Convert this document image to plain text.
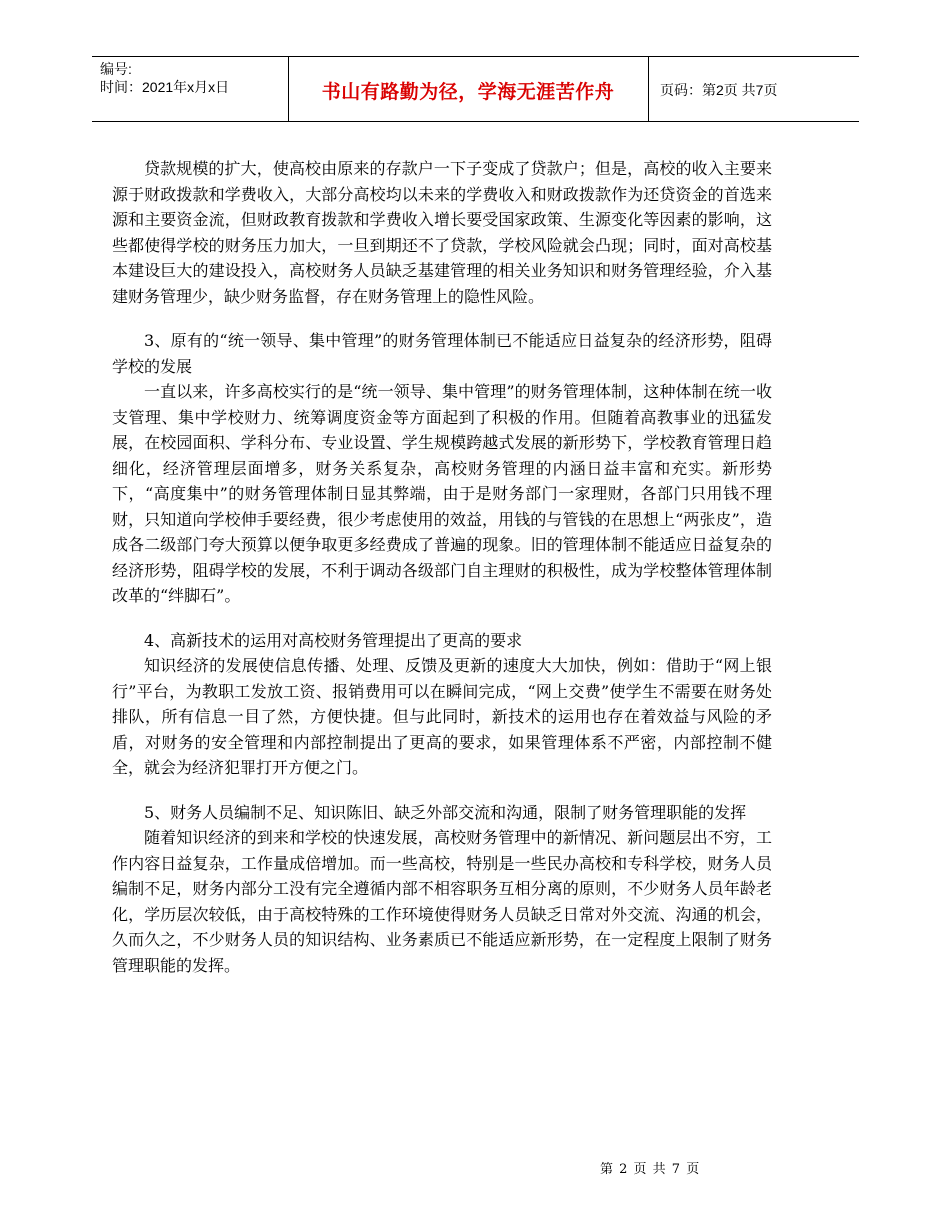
编号:
时间：2021年x月x日	书山有路勤为径，学海无涯苦作舟	页码：第2页 共7页

贷款规模的扩大，使高校由原来的存款户一下子变成了贷款户；但是，高校的收入主要来源于财政拨款和学费收入，大部分高校均以未来的学费收入和财政拨款作为还贷资金的首选来源和主要资金流，但财政教育拨款和学费收入增长要受国家政策、生源变化等因素的影响，这些都使得学校的财务压力加大，一旦到期还不了贷款，学校风险就会凸现；同时，面对高校基本建设巨大的建设投入，高校财务人员缺乏基建管理的相关业务知识和财务管理经验，介入基建财务管理少，缺少财务监督，存在财务管理上的隐性风险。

3、原有的“统一领导、集中管理”的财务管理体制已不能适应日益复杂的经济形势，阻碍学校的发展

一直以来，许多高校实行的是“统一领导、集中管理”的财务管理体制，这种体制在统一收支管理、集中学校财力、统筹调度资金等方面起到了积极的作用。但随着高教事业的迅猛发展，在校园面积、学科分布、专业设置、学生规模跨越式发展的新形势下，学校教育管理日趋细化，经济管理层面增多，财务关系复杂，高校财务管理的内涵日益丰富和充实。新形势下，“高度集中”的财务管理体制日显其弊端，由于是财务部门一家理财，各部门只用钱不理财，只知道向学校伸手要经费，很少考虑使用的效益，用钱的与管钱的在思想上“两张皮”，造成各二级部门夸大预算以便争取更多经费成了普遍的现象。旧的管理体制不能适应日益复杂的经济形势，阻碍学校的发展，不利于调动各级部门自主理财的积极性，成为学校整体管理体制改革的“绊脚石”。

4、高新技术的运用对高校财务管理提出了更高的要求

知识经济的发展使信息传播、处理、反馈及更新的速度大大加快，例如：借助于“网上银行”平台，为教职工发放工资、报销费用可以在瞬间完成，“网上交费”使学生不需要在财务处排队，所有信息一目了然，方便快捷。但与此同时，新技术的运用也存在着效益与风险的矛盾，对财务的安全管理和内部控制提出了更高的要求，如果管理体系不严密，内部控制不健全，就会为经济犯罪打开方便之门。

5、财务人员编制不足、知识陈旧、缺乏外部交流和沟通，限制了财务管理职能的发挥

随着知识经济的到来和学校的快速发展，高校财务管理中的新情况、新问题层出不穷，工作内容日益复杂，工作量成倍增加。而一些高校，特别是一些民办高校和专科学校，财务人员编制不足，财务内部分工没有完全遵循内部不相容职务互相分离的原则，不少财务人员年龄老化，学历层次较低，由于高校特殊的工作环境使得财务人员缺乏日常对外交流、沟通的机会，久而久之，不少财务人员的知识结构、业务素质已不能适应新形势，在一定程度上限制了财务管理职能的发挥。

第 2 页 共 7 页
